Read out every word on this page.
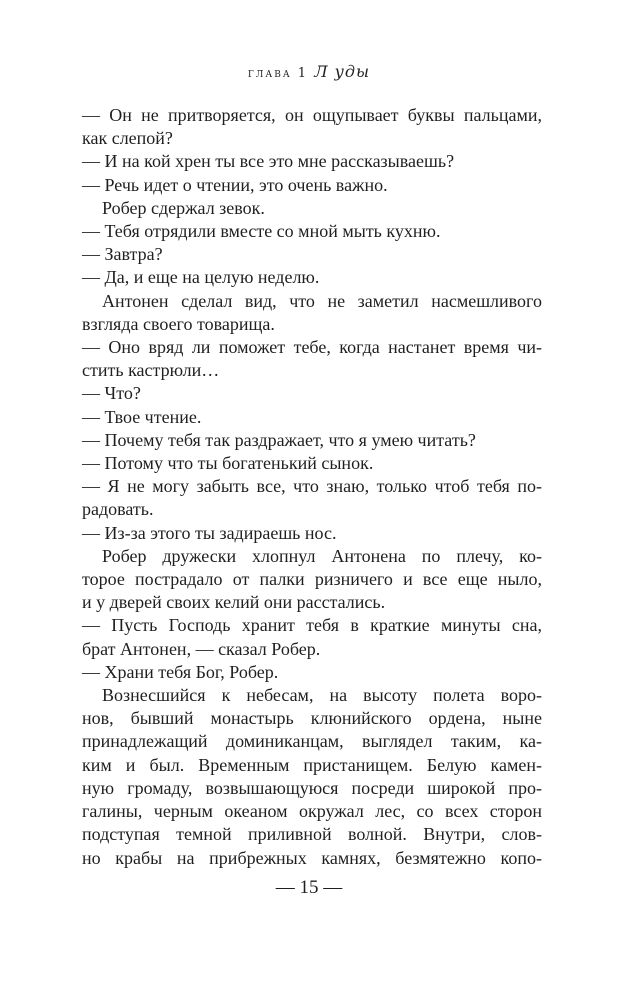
глава 1 Л уды

— Он не притворяется, он ощупывает буквы пальцами,

как слепой?

— И на кой хрен ты все это мне рассказываешь?

— Речь идет о чтении, это очень важно.

Робер сдержал зевок.

— Тебя отрядили вместе со мной мыть кухню.

— Завтра?

— Да, и еще на целую неделю.

Антонен сделал вид, что не заметил насмешливого

взгляда своего товарища.

— Оно вряд ли поможет тебе, когда настанет время чи-

стить кастрюли…

— Что?

— Твое чтение.

— Почему тебя так раздражает, что я умею читать?

— Потому что ты богатенький сынок.

— Я не могу забыть все, что знаю, только чтоб тебя по-

радовать.

— Из-за этого ты задираешь нос.

Робер дружески хлопнул Антонена по плечу, ко-

торое пострадало от палки ризничего и все еще ныло,

и у дверей своих келий они расстались.

— Пусть Господь хранит тебя в краткие минуты сна,

брат Антонен, — сказал Робер.

— Храни тебя Бог, Робер.

Вознесшийся к небесам, на высоту полета воро-

нов, бывший монастырь клюнийского ордена, ныне

принадлежащий доминиканцам, выглядел таким, ка-

ким и был. Временным пристанищем. Белую камен-

ную громаду, возвышающуюся посреди широкой про-

галины, черным океаном окружал лес, со всех сторон

подступая темной приливной волной. Внутри, слов-

но крабы на прибрежных камнях, безмятежно копо-

— 15 —
